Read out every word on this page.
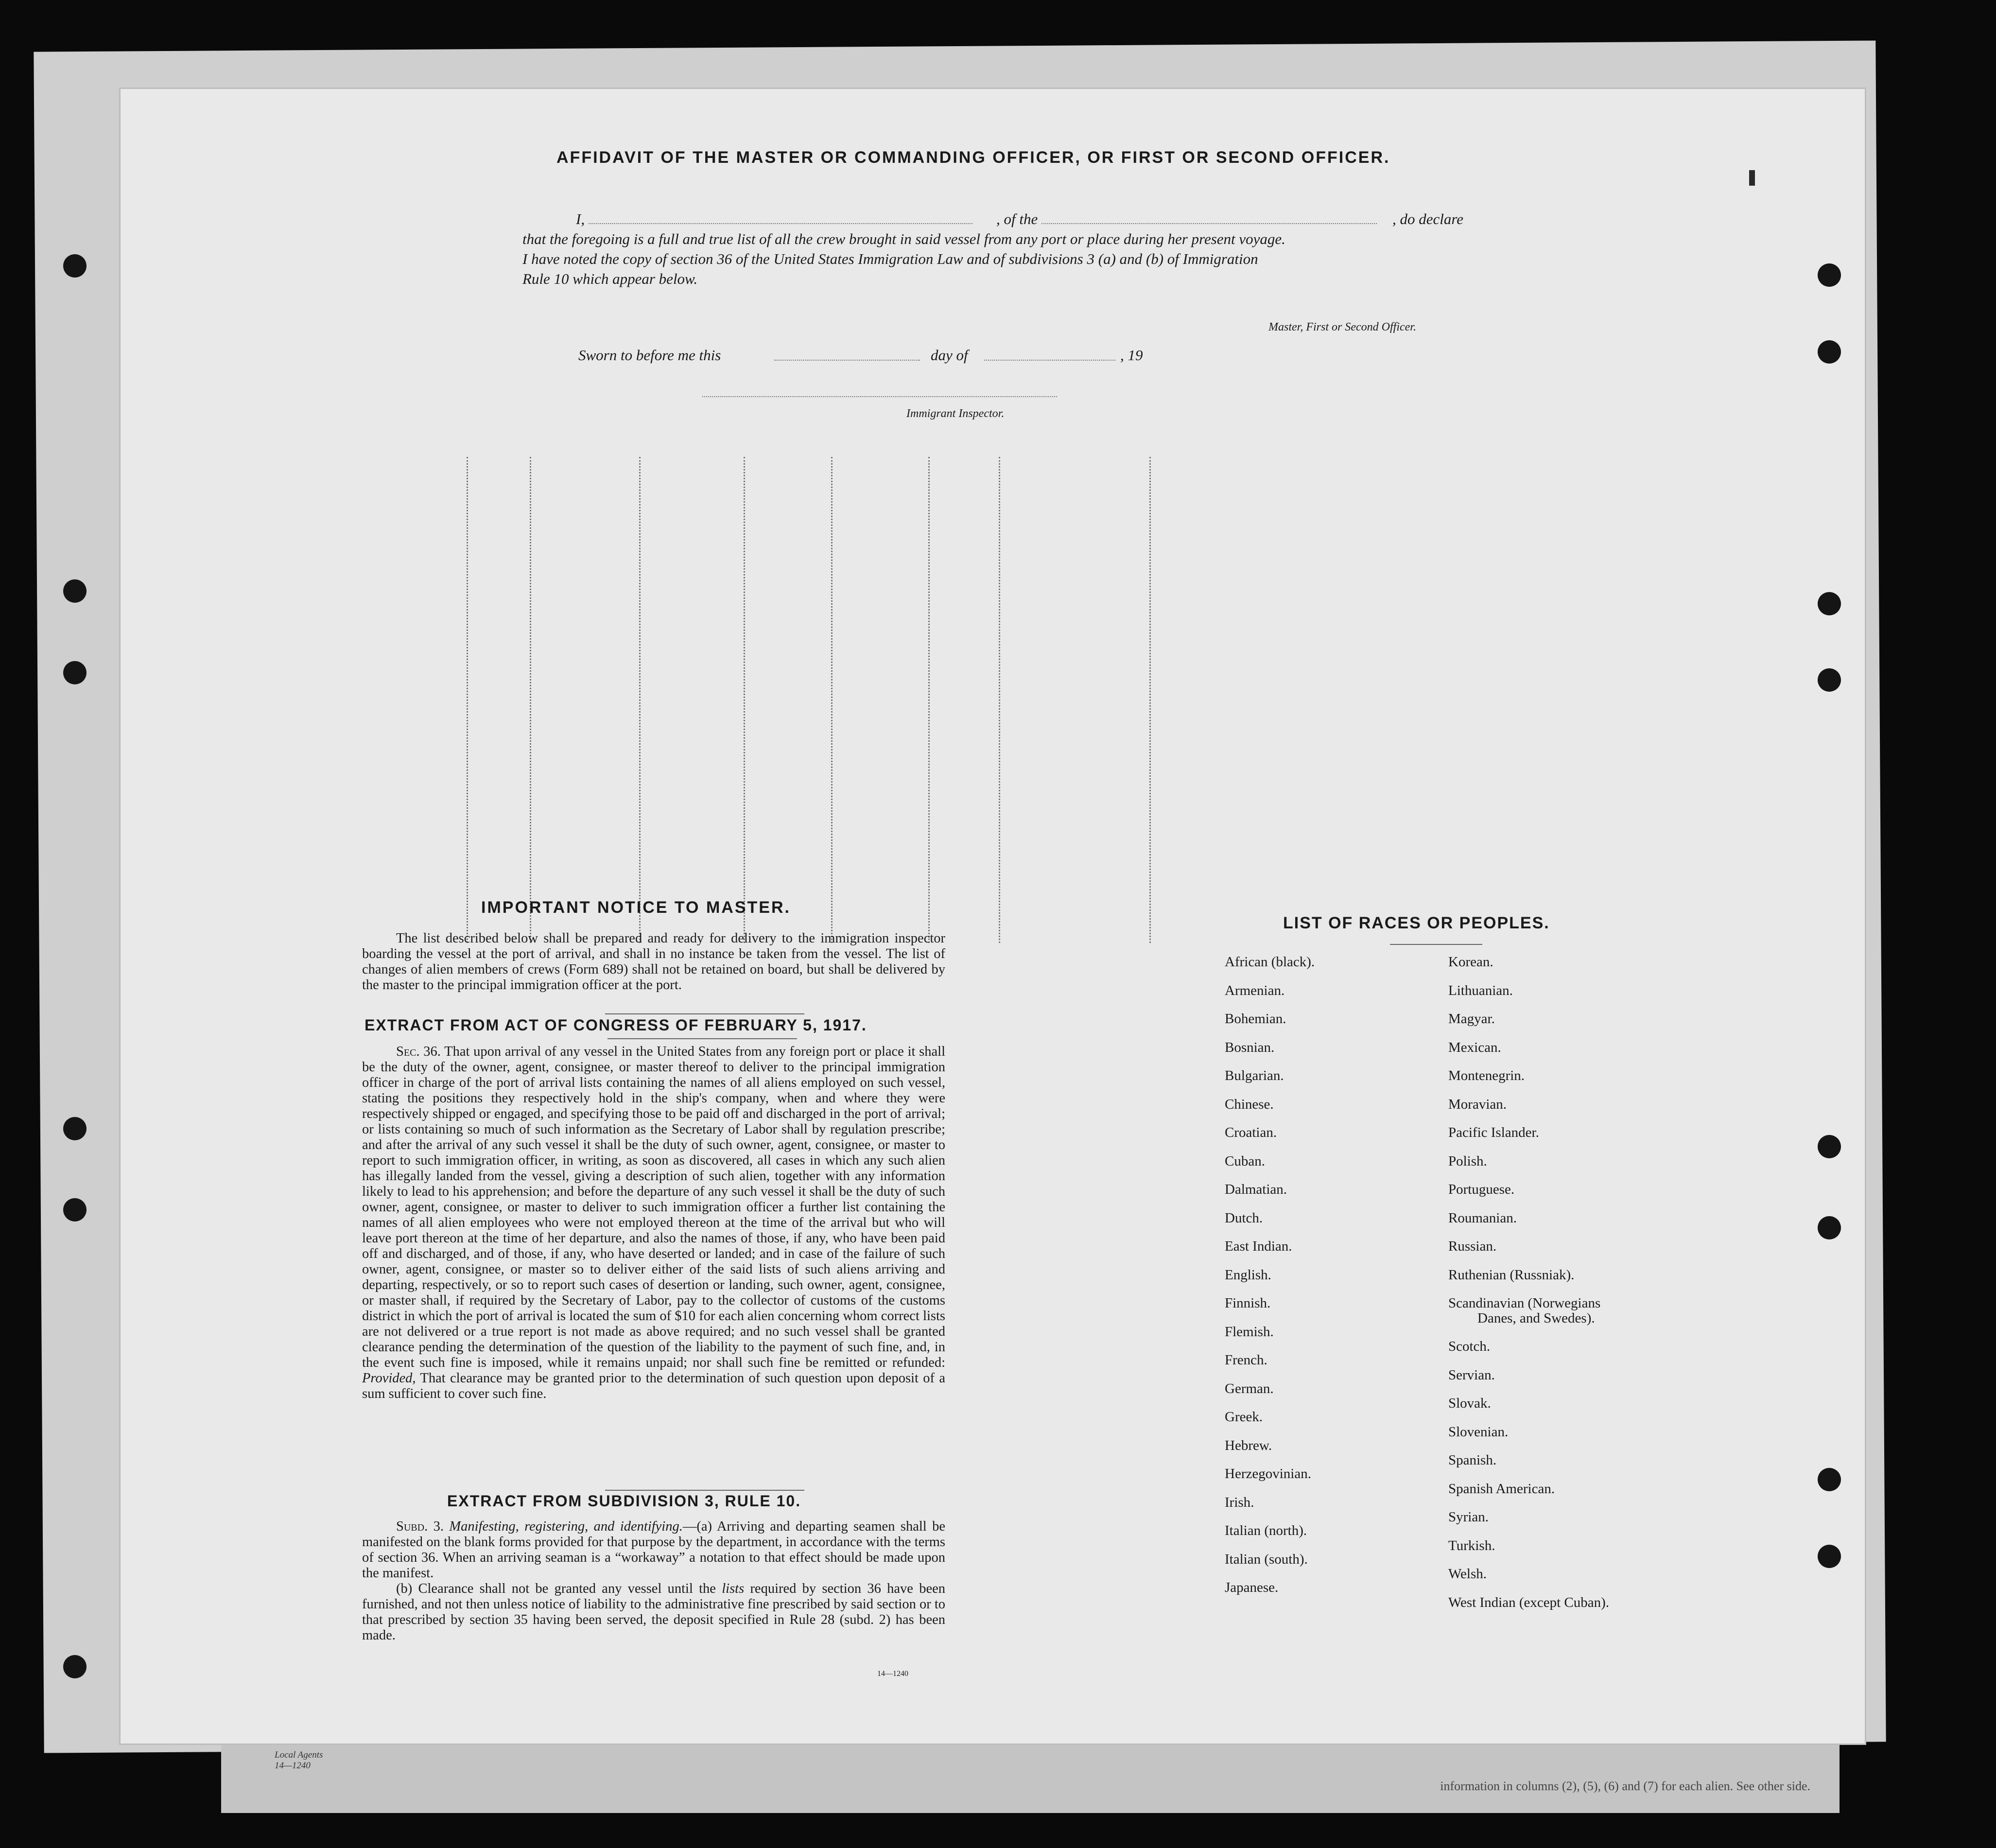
Local Agents
14—1240
information in columns (2), (5), (6) and (7) for each alien. See other side.
AFFIDAVIT OF THE MASTER OR COMMANDING OFFICER, OR FIRST OR SECOND OFFICER.
I,	, of the	, do declare
that the foregoing is a full and true list of all the crew brought in said vessel from any port or place during her present voyage.
I have noted the copy of section 36 of the United States Immigration Law and of subdivisions 3 (a) and (b) of Immigration
Rule 10 which appear below.
Master, First or Second Officer.
Sworn to before me this	day of	, 19
Immigrant Inspector.
IMPORTANT NOTICE TO MASTER.

The list described below shall be prepared and ready for delivery to the immigration inspector boarding the vessel at the port of arrival, and shall in no instance be taken from the vessel. The list of changes of alien members of crews (Form 689) shall not be retained on board, but shall be delivered by the master to the principal immigration officer at the port.

EXTRACT FROM ACT OF CONGRESS OF FEBRUARY 5, 1917.

Sec. 36. That upon arrival of any vessel in the United States from any foreign port or place it shall be the duty of the owner, agent, consignee, or master thereof to deliver to the principal immigration officer in charge of the port of arrival lists containing the names of all aliens employed on such vessel, stating the positions they respectively hold in the ship's company, when and where they were respectively shipped or engaged, and specifying those to be paid off and discharged in the port of arrival; or lists containing so much of such information as the Secretary of Labor shall by regulation prescribe; and after the arrival of any such vessel it shall be the duty of such owner, agent, consignee, or master to report to such immigration officer, in writing, as soon as discovered, all cases in which any such alien has illegally landed from the vessel, giving a description of such alien, together with any information likely to lead to his apprehension; and before the departure of any such vessel it shall be the duty of such owner, agent, consignee, or master to deliver to such immigration officer a further list containing the names of all alien employees who were not employed thereon at the time of the arrival but who will leave port thereon at the time of her departure, and also the names of those, if any, who have been paid off and discharged, and of those, if any, who have deserted or landed; and in case of the failure of such owner, agent, consignee, or master so to deliver either of the said lists of such aliens arriving and departing, respectively, or so to report such cases of desertion or landing, such owner, agent, consignee, or master shall, if required by the Secretary of Labor, pay to the collector of customs of the customs district in which the port of arrival is located the sum of $10 for each alien concerning whom correct lists are not delivered or a true report is not made as above required; and no such vessel shall be granted clearance pending the determination of the question of the liability to the payment of such fine, and, in the event such fine is imposed, while it remains unpaid; nor shall such fine be remitted or refunded: Provided, That clearance may be granted prior to the determination of such question upon deposit of a sum sufficient to cover such fine.

EXTRACT FROM SUBDIVISION 3, RULE 10.

Subd. 3. Manifesting, registering, and identifying.—(a) Arriving and departing seamen shall be manifested on the blank forms provided for that purpose by the department, in accordance with the terms of section 36. When an arriving seaman is a “workaway” a notation to that effect should be made upon the manifest.

(b) Clearance shall not be granted any vessel until the lists required by section 36 have been furnished, and not then unless notice of liability to the administrative fine prescribed by said section or to that prescribed by section 35 having been served, the deposit specified in Rule 28 (subd. 2) has been made.

14—1240
LIST OF RACES OR PEOPLES.
African (black).
Armenian.
Bohemian.
Bosnian.
Bulgarian.
Chinese.
Croatian.
Cuban.
Dalmatian.
Dutch.
East Indian.
English.
Finnish.
Flemish.
French.
German.
Greek.
Hebrew.
Herzegovinian.
Irish.
Italian (north).
Italian (south).
Japanese.
Korean.
Lithuanian.
Magyar.
Mexican.
Montenegrin.
Moravian.
Pacific Islander.
Polish.
Portuguese.
Roumanian.
Russian.
Ruthenian (Russniak).
Scandinavian (Norwegians
Danes, and Swedes).
Scotch.
Servian.
Slovak.
Slovenian.
Spanish.
Spanish American.
Syrian.
Turkish.
Welsh.
West Indian (except Cuban).
